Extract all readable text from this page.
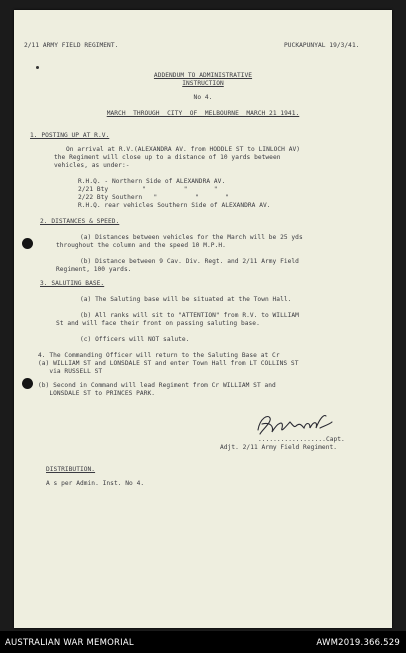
2/11 ARMY FIELD REGIMENT.	PUCKAPUNYAL 19/3/41.
ADDENDUM TO ADMINISTRATIVE
INSTRUCTION
No 4.
MARCH  THROUGH  CITY  OF  MELBOURNE  MARCH 21 1941.
1. POSTING UP AT R.V.
On arrival at R.V.(ALEXANDRA AV. from HODDLE ST to LINLOCH AV)
the Regiment will close up to a distance of 10 yards between
vehicles, as under:-
R.H.Q. - Northern Side of ALEXANDRA AV.
2/21 Bty         "          "       "
2/22 Bty Southern   "          "       "
R.H.Q. rear vehicles Southern Side of ALEXANDRA AV.
2. DISTANCES & SPEED.
(a) Distances between vehicles for the March will be 25 yds
throughout the column and the speed 10 M.P.H.
(b) Distance between 9 Cav. Div. Regt. and 2/11 Army Field
Regiment, 100 yards.
3. SALUTING BASE.
(a) The Saluting base will be situated at the Town Hall.
(b) All ranks will sit to "ATTENTION" from R.V. to WILLIAM
St and will face their front on passing saluting base.
(c) Officers will NOT salute.
4. The Commanding Officer will return to the Saluting Base at Cr
(a) WILLIAM ST and LONSDALE ST and enter Town Hall from LT COLLINS ST
via RUSSELL ST
(b) Second in Command will lead Regiment from Cr WILLIAM ST and
LONSDALE ST to PRINCES PARK.
..................Capt.
Adjt. 2/11 Army Field Regiment.
DISTRIBUTION.
A s per Admin. Inst. No 4.
AUSTRALIAN WAR MEMORIAL	AWM2019.366.529
